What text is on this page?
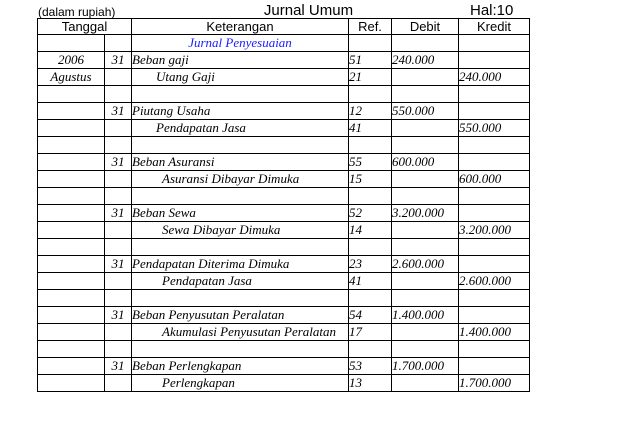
(dalam rupiah)	Jurnal Umum	Hal:10
Tanggal		Keterangan	Ref.	Debit	Kredit
		Jurnal Penyesuaian			
2006	31	Beban gaji	51	240.000	
Agustus		Utang Gaji	21		240.000

	31	Piutang Usaha	12	550.000	
		Pendapatan Jasa	41		550.000

	31	Beban Asuransi	55	600.000	
		Asuransi Dibayar Dimuka	15		600.000

	31	Beban Sewa	52	3.200.000	
		Sewa Dibayar Dimuka	14		3.200.000

	31	Pendapatan Diterima Dimuka	23	2.600.000	
		Pendapatan Jasa	41		2.600.000

	31	Beban Penyusutan Peralatan	54	1.400.000	
		Akumulasi Penyusutan Peralatan	17		1.400.000

	31	Beban Perlengkapan	53	1.700.000	
		Perlengkapan	13		1.700.000
